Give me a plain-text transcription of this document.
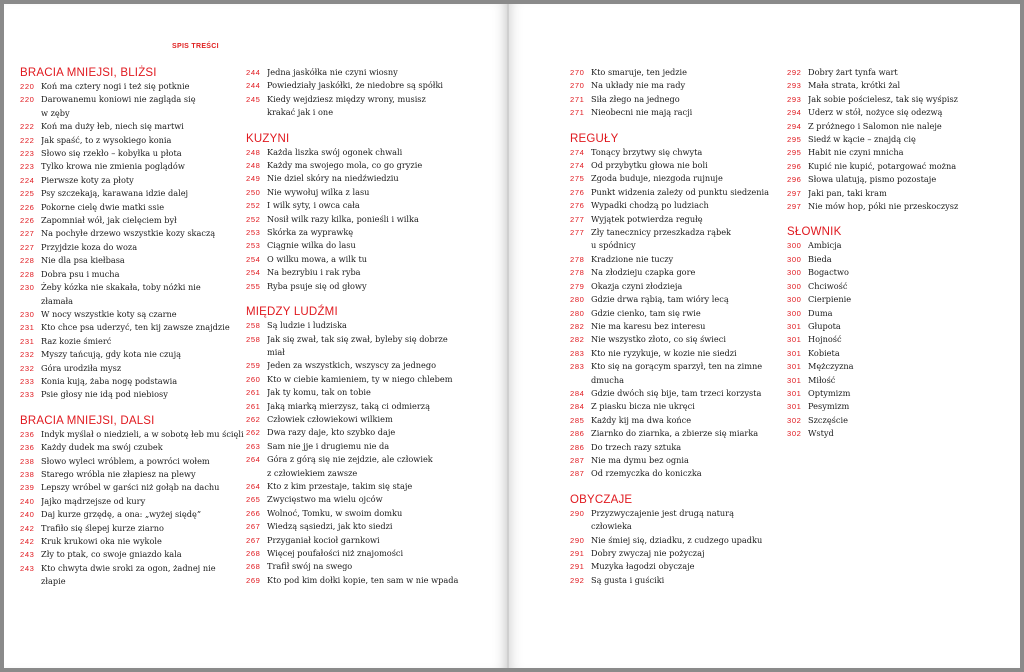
SPIS TREŚCI
BRACIA MNIEJSI, BLIŻSI
220 Koń ma cztery nogi i też się potknie
220 Darowanemu koniowi nie zagląda się
w zęby
222 Koń ma duży łeb, niech się martwi
222 Jak spaść, to z wysokiego konia
223 Słowo się rzekło – kobyłka u płota
223 Tylko krowa nie zmienia poglądów
224 Pierwsze koty za płoty
225 Psy szczekają, karawana idzie dalej
226 Pokorne cielę dwie matki ssie
226 Zapomniał wół, jak cielęciem był
227 Na pochyłe drzewo wszystkie kozy skaczą
227 Przyjdzie koza do woza
228 Nie dla psa kiełbasa
228 Dobra psu i mucha
230 Żeby kózka nie skakała, toby nóżki nie
złamała
230 W nocy wszystkie koty są czarne
231 Kto chce psa uderzyć, ten kij zawsze znajdzie
231 Raz kozie śmierć
232 Myszy tańcują, gdy kota nie czują
232 Góra urodziła mysz
233 Konia kują, żaba nogę podstawia
233 Psie głosy nie idą pod niebiosy
BRACIA MNIEJSI, DALSI
236 Indyk myślał o niedzieli, a w sobotę łeb mu ścięli
236 Każdy dudek ma swój czubek
238 Słowo wyleci wróblem, a powróci wołem
238 Starego wróbla nie złapiesz na plewy
239 Lepszy wróbel w garści niż gołąb na dachu
240 Jajko mądrzejsze od kury
240 Daj kurze grzędę, a ona: „wyżej siędę”
242 Trafiło się ślepej kurze ziarno
242 Kruk krukowi oka nie wykole
243 Zły to ptak, co swoje gniazdo kala
243 Kto chwyta dwie sroki za ogon, żadnej nie
złapie
244 Jedna jaskółka nie czyni wiosny
244 Powiedziały jaskółki, że niedobre są spółki
245 Kiedy wejdziesz między wrony, musisz
krakać jak i one
KUZYNI
248 Każda liszka swój ogonek chwali
248 Każdy ma swojego mola, co go gryzie
249 Nie dziel skóry na niedźwiedziu
250 Nie wywołuj wilka z lasu
252 I wilk syty, i owca cała
252 Nosił wilk razy kilka, ponieśli i wilka
253 Skórka za wyprawkę
253 Ciągnie wilka do lasu
254 O wilku mowa, a wilk tu
254 Na bezrybiu i rak ryba
255 Ryba psuje się od głowy
MIĘDZY LUDŹMI
258 Są ludzie i ludziska
258 Jak się zwał, tak się zwał, byleby się dobrze
miał
259 Jeden za wszystkich, wszyscy za jednego
260 Kto w ciebie kamieniem, ty w niego chlebem
261 Jak ty komu, tak on tobie
261 Jaką miarką mierzysz, taką ci odmierzą
262 Człowiek człowiekowi wilkiem
262 Dwa razy daje, kto szybko daje
263 Sam nie jje i drugiemu nie da
264 Góra z górą się nie zejdzie, ale człowiek
z człowiekiem zawsze
264 Kto z kim przestaje, takim się staje
265 Zwycięstwo ma wielu ojców
266 Wolnoć, Tomku, w swoim domku
267 Wiedzą sąsiedzi, jak kto siedzi
267 Przyganiał kocioł garnkowi
268 Więcej poufałości niż znajomości
268 Trafił swój na swego
269 Kto pod kim dołki kopie, ten sam w nie wpada
270 Kto smaruje, ten jedzie
270 Na układy nie ma rady
271 Siła złego na jednego
271 Nieobecni nie mają racji
REGUŁY
274 Tonący brzytwy się chwyta
274 Od przybytku głowa nie boli
275 Zgoda buduje, niezgoda rujnuje
276 Punkt widzenia zależy od punktu siedzenia
276 Wypadki chodzą po ludziach
277 Wyjątek potwierdza regułę
277 Zły tanecznicy przeszkadza rąbek
u spódnicy
278 Kradzione nie tuczy
278 Na złodzieju czapka gore
279 Okazja czyni złodzieja
280 Gdzie drwa rąbią, tam wióry lecą
280 Gdzie cienko, tam się rwie
282 Nie ma karesu bez interesu
282 Nie wszystko złoto, co się świeci
283 Kto nie ryzykuje, w kozie nie siedzi
283 Kto się na gorącym sparzył, ten na zimne
dmucha
284 Gdzie dwóch się bije, tam trzeci korzysta
284 Z piasku bicza nie ukręci
285 Każdy kij ma dwa końce
286 Ziarnko do ziarnka, a zbierze się miarka
286 Do trzech razy sztuka
287 Nie ma dymu bez ognia
287 Od rzemyczka do koniczka
OBYCZAJE
290 Przyzwyczajenie jest drugą naturą
człowieka
290 Nie śmiej się, dziadku, z cudzego upadku
291 Dobry zwyczaj nie pożyczaj
291 Muzyka łagodzi obyczaje
292 Są gusta i guściki
292 Dobry żart tynfa wart
293 Mała strata, krótki żal
293 Jak sobie pościelesz, tak się wyśpisz
294 Uderz w stół, nożyce się odezwą
294 Z próżnego i Salomon nie naleje
295 Siedź w kącie – znajdą cię
295 Habit nie czyni mnicha
296 Kupić nie kupić, potargować można
296 Słowa ulatują, pismo pozostaje
297 Jaki pan, taki kram
297 Nie mów hop, póki nie przeskoczysz
SŁOWNIK
300 Ambicja
300 Bieda
300 Bogactwo
300 Chciwość
300 Cierpienie
300 Duma
301 Głupota
301 Hojność
301 Kobieta
301 Mężczyzna
301 Miłość
301 Optymizm
301 Pesymizm
302 Szczęście
302 Wstyd
